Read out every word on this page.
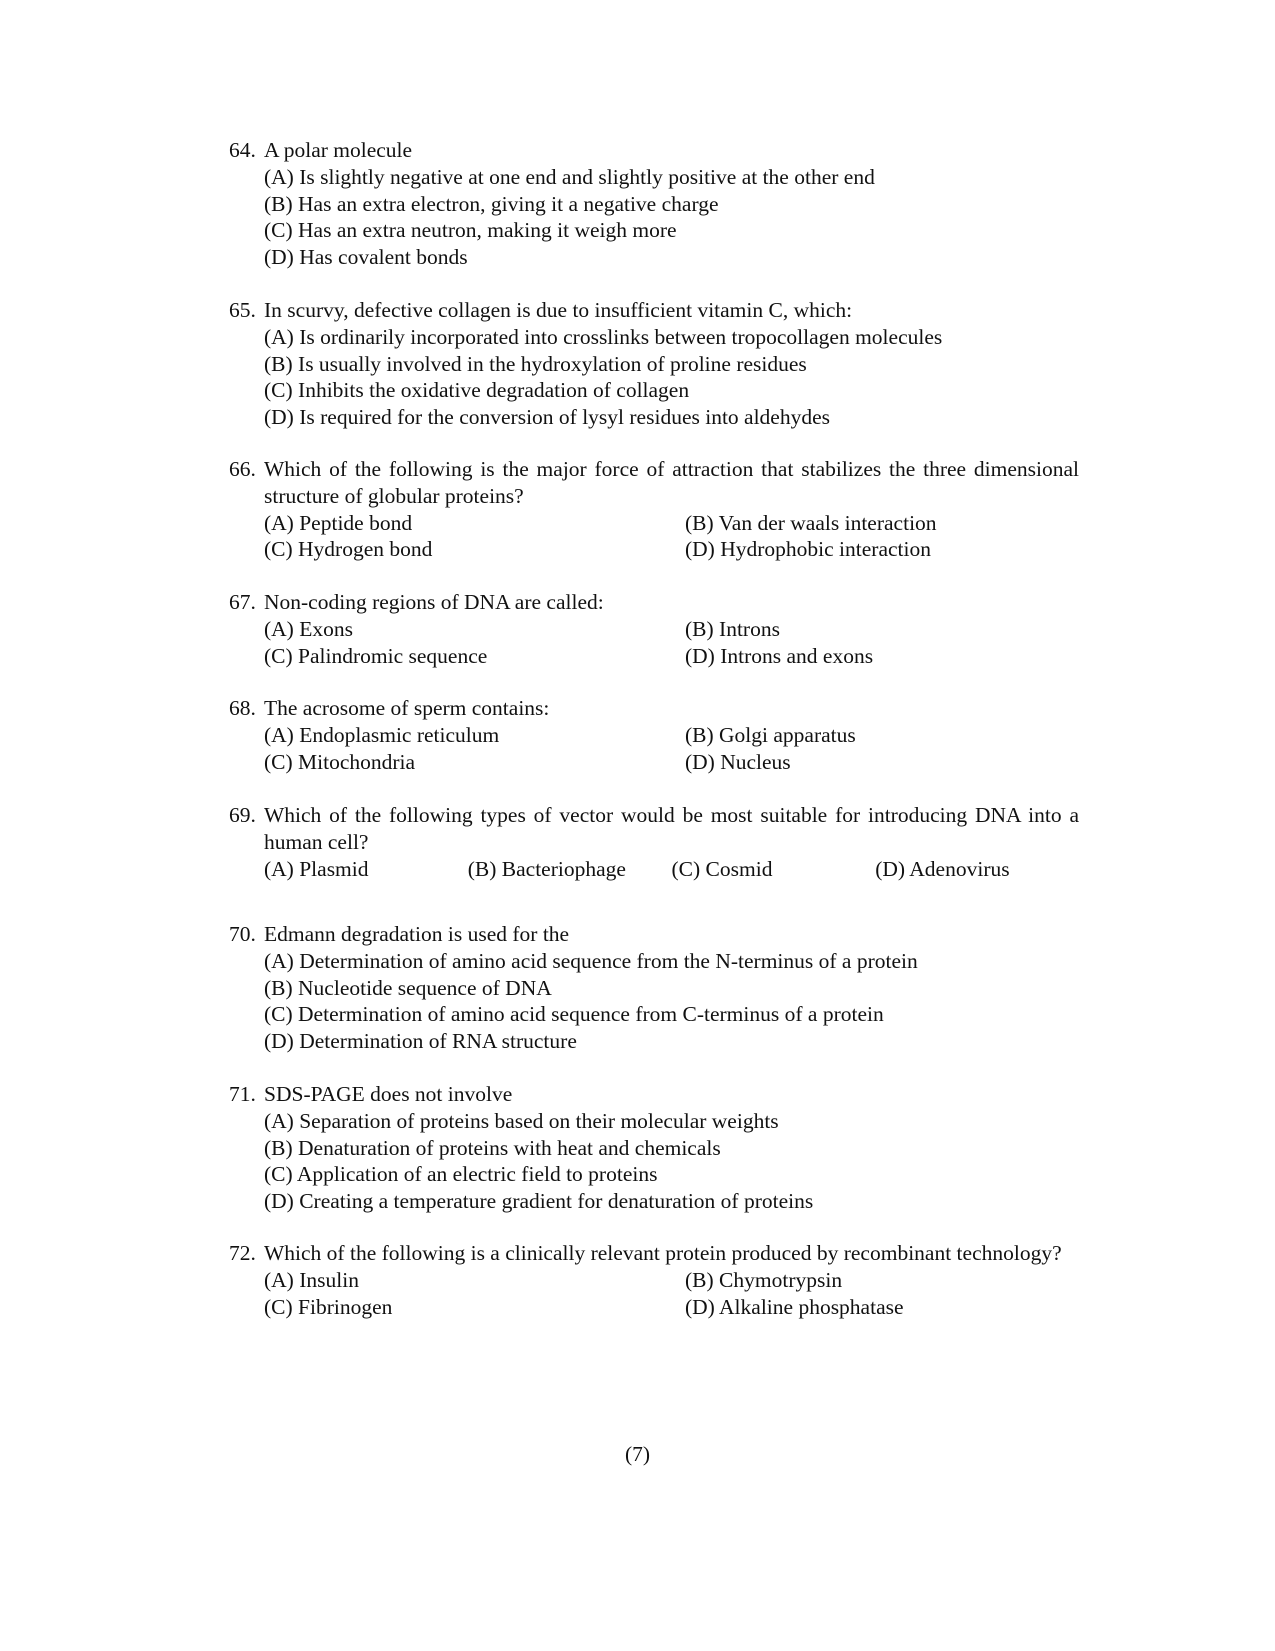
64. A polar molecule
(A) Is slightly negative at one end and slightly positive at the other end
(B) Has an extra electron, giving it a negative charge
(C) Has an extra neutron, making it weigh more
(D) Has covalent bonds
65. In scurvy, defective collagen is due to insufficient vitamin C, which:
(A) Is ordinarily incorporated into crosslinks between tropocollagen molecules
(B) Is usually involved in the hydroxylation of proline residues
(C) Inhibits the oxidative degradation of collagen
(D) Is required for the conversion of lysyl residues into aldehydes
66. Which of the following is the major force of attraction that stabilizes the three dimensional structure of globular proteins?
(A) Peptide bond	(B) Van der waals interaction
(C) Hydrogen bond	(D) Hydrophobic interaction
67. Non-coding regions of DNA are called:
(A) Exons	(B) Introns
(C) Palindromic sequence	(D) Introns and exons
68. The acrosome of sperm contains:
(A) Endoplasmic reticulum	(B) Golgi apparatus
(C) Mitochondria	(D) Nucleus
69. Which of the following types of vector would be most suitable for introducing DNA into a human cell?
(A) Plasmid	(B) Bacteriophage	(C) Cosmid	(D) Adenovirus
70. Edmann degradation is used for the
(A) Determination of amino acid sequence from the N-terminus of a protein
(B) Nucleotide sequence of DNA
(C) Determination of amino acid sequence from C-terminus of a protein
(D) Determination of RNA structure
71. SDS-PAGE does not involve
(A) Separation of proteins based on their molecular weights
(B) Denaturation of proteins with heat and chemicals
(C) Application of an electric field to proteins
(D) Creating a temperature gradient for denaturation of proteins
72. Which of the following is a clinically relevant protein produced by recombinant technology?
(A) Insulin	(B) Chymotrypsin
(C) Fibrinogen	(D) Alkaline phosphatase
(7)
